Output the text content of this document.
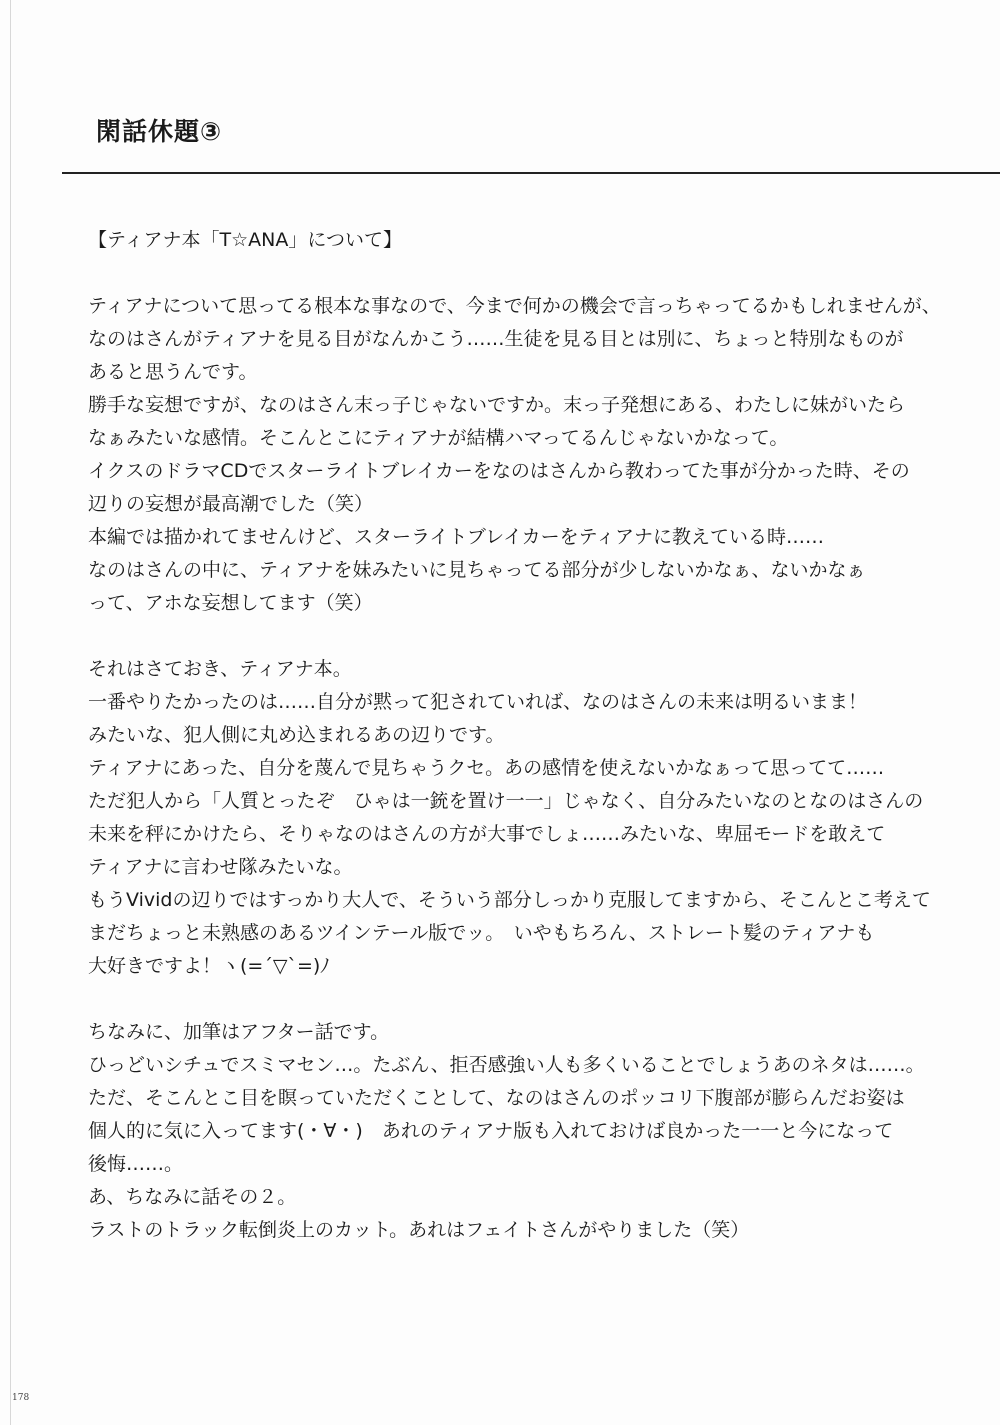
閑話休題③
【ティアナ本「T☆ANA」について】
ティアナについて思ってる根本な事なので、今まで何かの機会で言っちゃってるかもしれませんが、
なのはさんがティアナを見る目がなんかこう……生徒を見る目とは別に、ちょっと特別なものが
あると思うんです。
勝手な妄想ですが、なのはさん末っ子じゃないですか。末っ子発想にある、わたしに妹がいたら
なぁみたいな感情。そこんとこにティアナが結構ハマってるんじゃないかなって。
イクスのドラマCDでスターライトブレイカーをなのはさんから教わってた事が分かった時、その
辺りの妄想が最高潮でした（笑）
本編では描かれてませんけど、スターライトブレイカーをティアナに教えている時……
なのはさんの中に、ティアナを妹みたいに見ちゃってる部分が少しないかなぁ、ないかなぁ
って、アホな妄想してます（笑）
それはさておき、ティアナ本。
一番やりたかったのは……自分が黙って犯されていれば、なのはさんの未来は明るいまま！
みたいな、犯人側に丸め込まれるあの辺りです。
ティアナにあった、自分を蔑んで見ちゃうクセ。あの感情を使えないかなぁって思ってて……
ただ犯人から「人質とったぞ　ひゃは一銃を置け一一」じゃなく、自分みたいなのとなのはさんの
未来を秤にかけたら、そりゃなのはさんの方が大事でしょ……みたいな、卑屈モードを敢えて
ティアナに言わせ隊みたいな。
もうVividの辺りではすっかり大人で、そういう部分しっかり克服してますから、そこんとこ考えて
まだちょっと未熟感のあるツインテール版でッ。　いやもちろん、ストレート髪のティアナも
大好きですよ！ヽ(=´▽`=)ﾉ
ちなみに、加筆はアフター話です。
ひっどいシチュでスミマセン…。たぶん、拒否感強い人も多くいることでしょうあのネタは……。
ただ、そこんとこ目を瞑っていただくことして、なのはさんのポッコリ下腹部が膨らんだお姿は
個人的に気に入ってます(・∀・)　あれのティアナ版も入れておけば良かった一一と今になって
後悔……。
あ、ちなみに話その２。
ラストのトラック転倒炎上のカット。あれはフェイトさんがやりました（笑）
178
